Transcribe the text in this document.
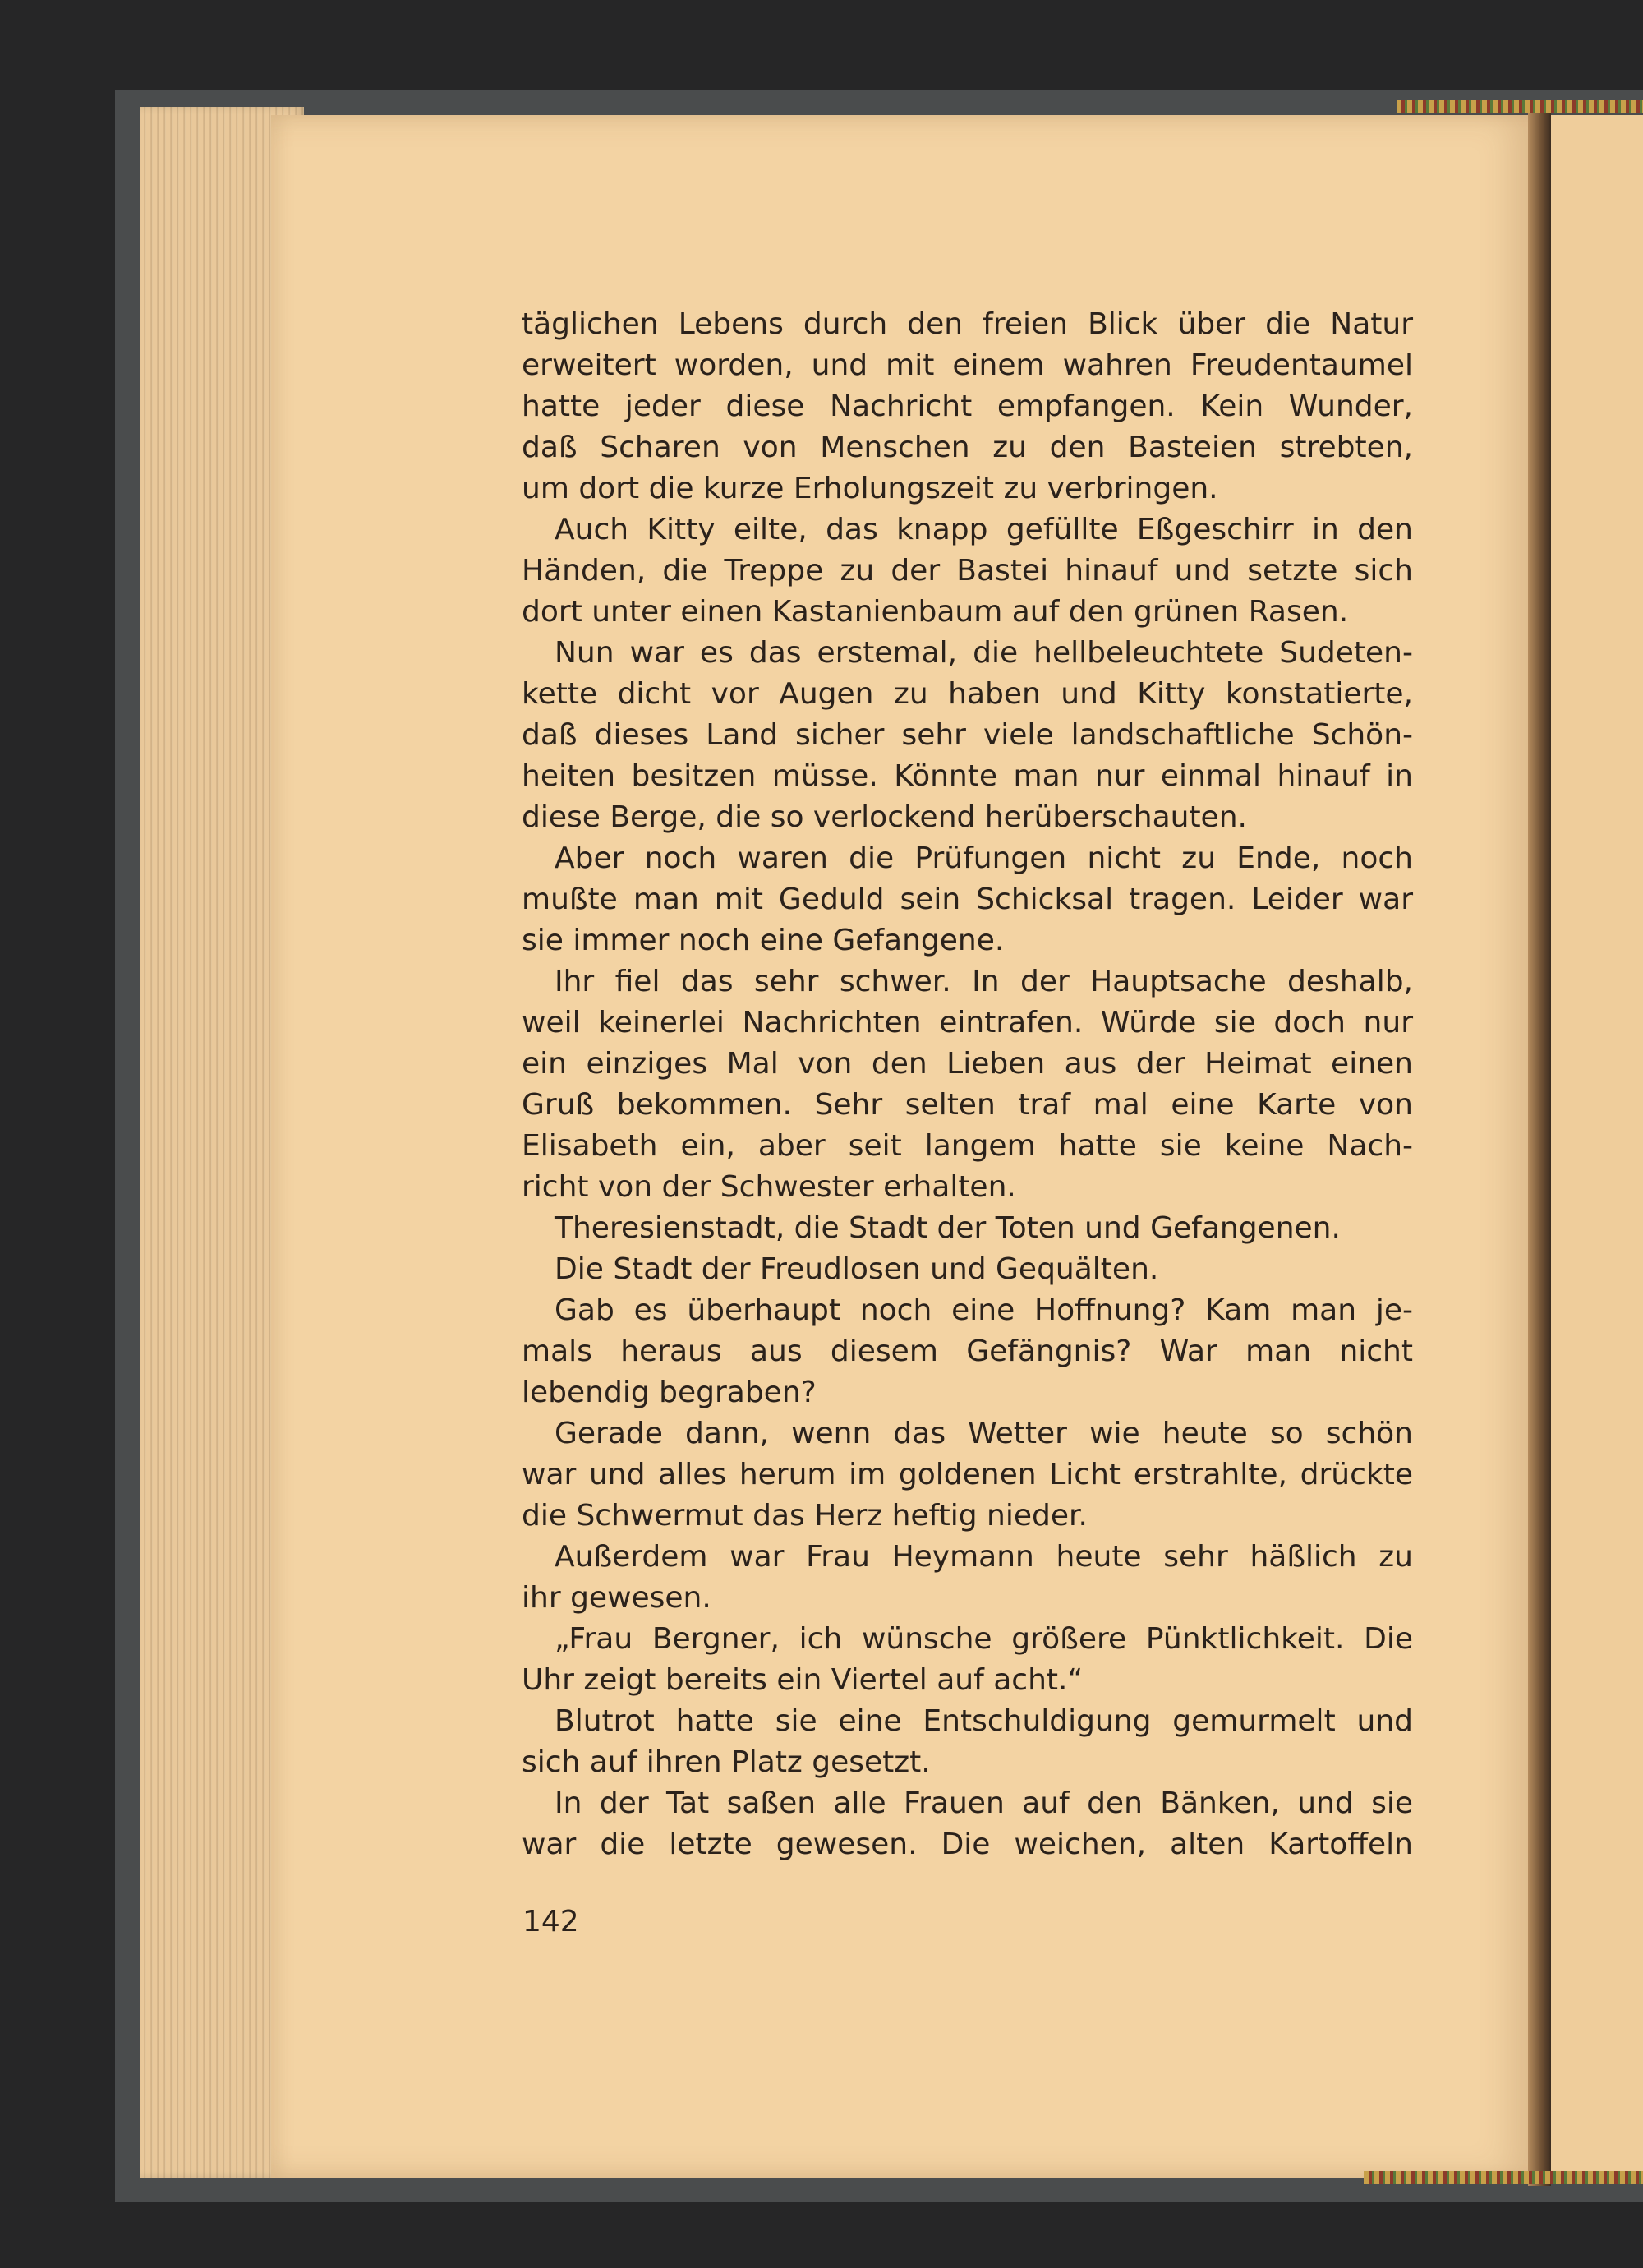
täglichen Lebens durch den freien Blick über die Natur
erweitert worden, und mit einem wahren Freudentaumel
hatte jeder diese Nachricht empfangen. Kein Wunder,
daß Scharen von Menschen zu den Basteien strebten,
um dort die kurze Erholungszeit zu verbringen.
Auch Kitty eilte, das knapp gefüllte Eßgeschirr in den
Händen, die Treppe zu der Bastei hinauf und setzte sich
dort unter einen Kastanienbaum auf den grünen Rasen.
Nun war es das erstemal, die hellbeleuchtete Sudeten-
kette dicht vor Augen zu haben und Kitty konstatierte,
daß dieses Land sicher sehr viele landschaftliche Schön-
heiten besitzen müsse. Könnte man nur einmal hinauf in
diese Berge, die so verlockend herüberschauten.
Aber noch waren die Prüfungen nicht zu Ende, noch
mußte man mit Geduld sein Schicksal tragen. Leider war
sie immer noch eine Gefangene.
Ihr fiel das sehr schwer. In der Hauptsache deshalb,
weil keinerlei Nachrichten eintrafen. Würde sie doch nur
ein einziges Mal von den Lieben aus der Heimat einen
Gruß bekommen. Sehr selten traf mal eine Karte von
Elisabeth ein, aber seit langem hatte sie keine Nach-
richt von der Schwester erhalten.
Theresienstadt, die Stadt der Toten und Gefangenen.
Die Stadt der Freudlosen und Gequälten.
Gab es überhaupt noch eine Hoffnung? Kam man je-
mals heraus aus diesem Gefängnis? War man nicht
lebendig begraben?
Gerade dann, wenn das Wetter wie heute so schön
war und alles herum im goldenen Licht erstrahlte, drückte
die Schwermut das Herz heftig nieder.
Außerdem war Frau Heymann heute sehr häßlich zu
ihr gewesen.
„Frau Bergner, ich wünsche größere Pünktlichkeit. Die
Uhr zeigt bereits ein Viertel auf acht.“
Blutrot hatte sie eine Entschuldigung gemurmelt und
sich auf ihren Platz gesetzt.
In der Tat saßen alle Frauen auf den Bänken, und sie
war die letzte gewesen. Die weichen, alten Kartoffeln
142
